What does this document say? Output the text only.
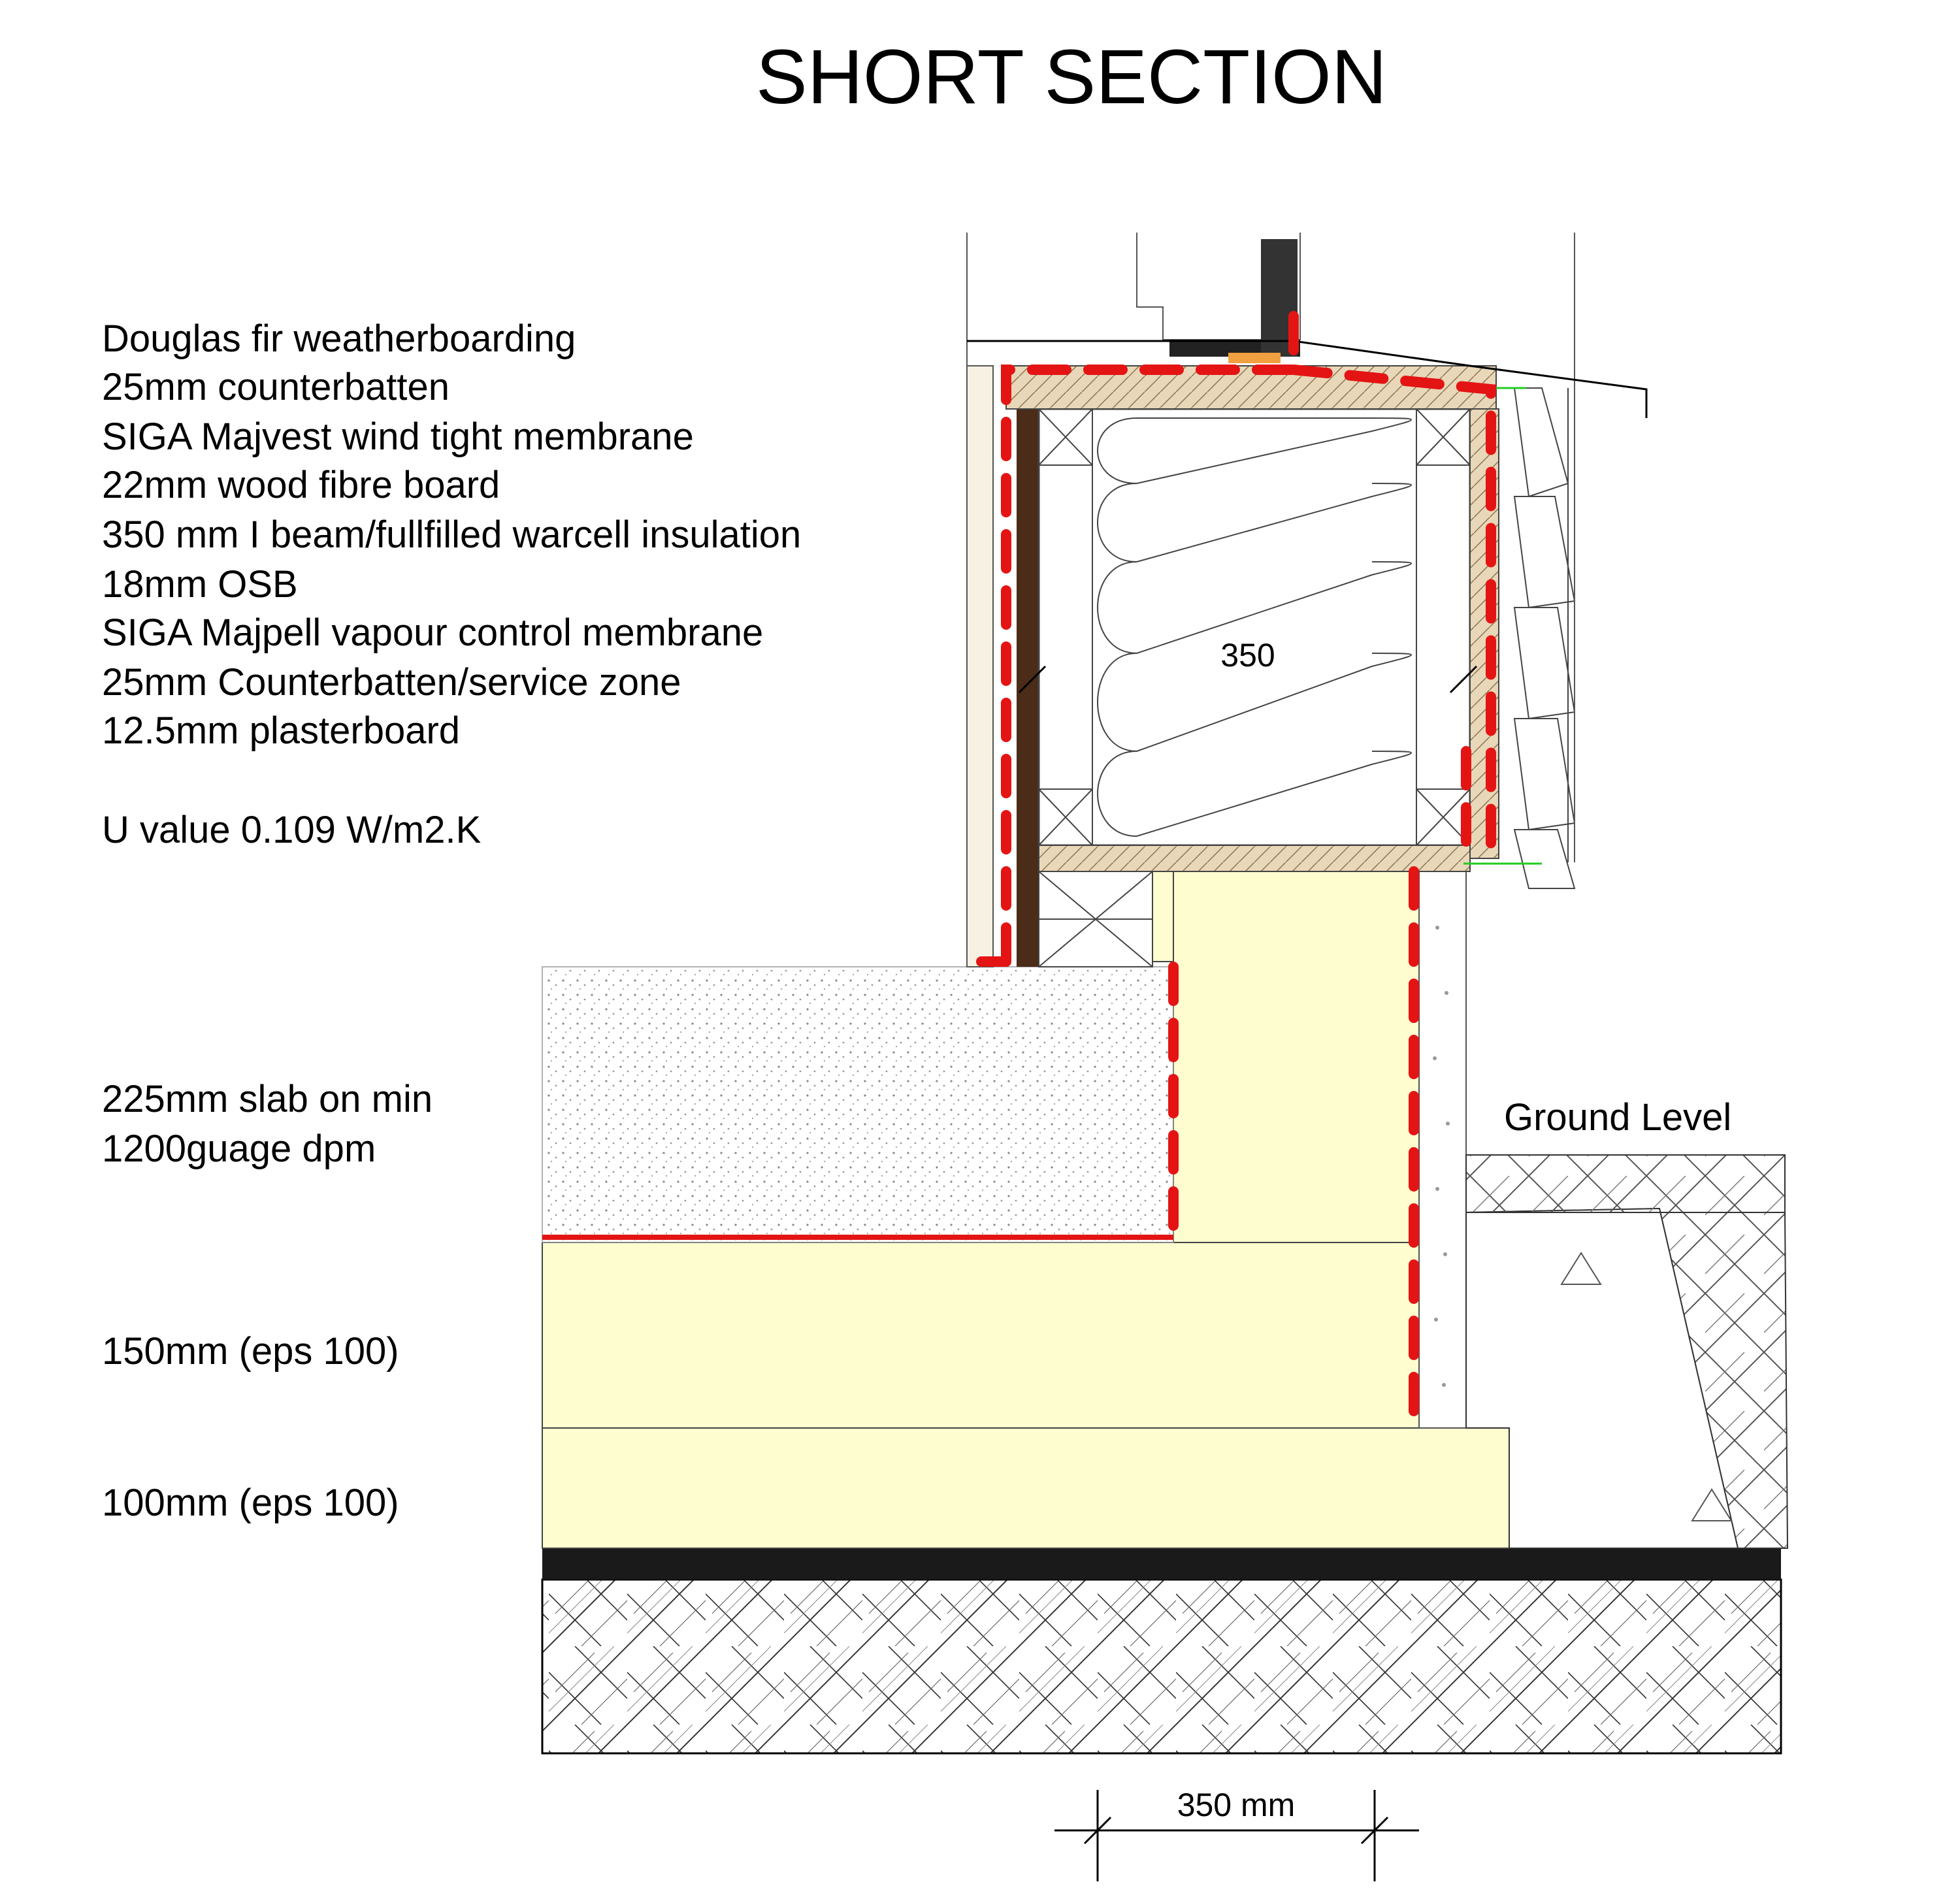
SHORT SECTION
Douglas fir weatherboarding
25mm counterbatten
SIGA Majvest wind tight membrane
22mm wood fibre board
350 mm I beam/fullfilled warcell insulation
18mm OSB
SIGA Majpell vapour control membrane
25mm Counterbatten/service zone
12.5mm plasterboard
U value 0.109 W/m2.K
225mm slab on min
1200guage dpm
150mm (eps 100)
100mm (eps 100)
Ground Level
350
350 mm
